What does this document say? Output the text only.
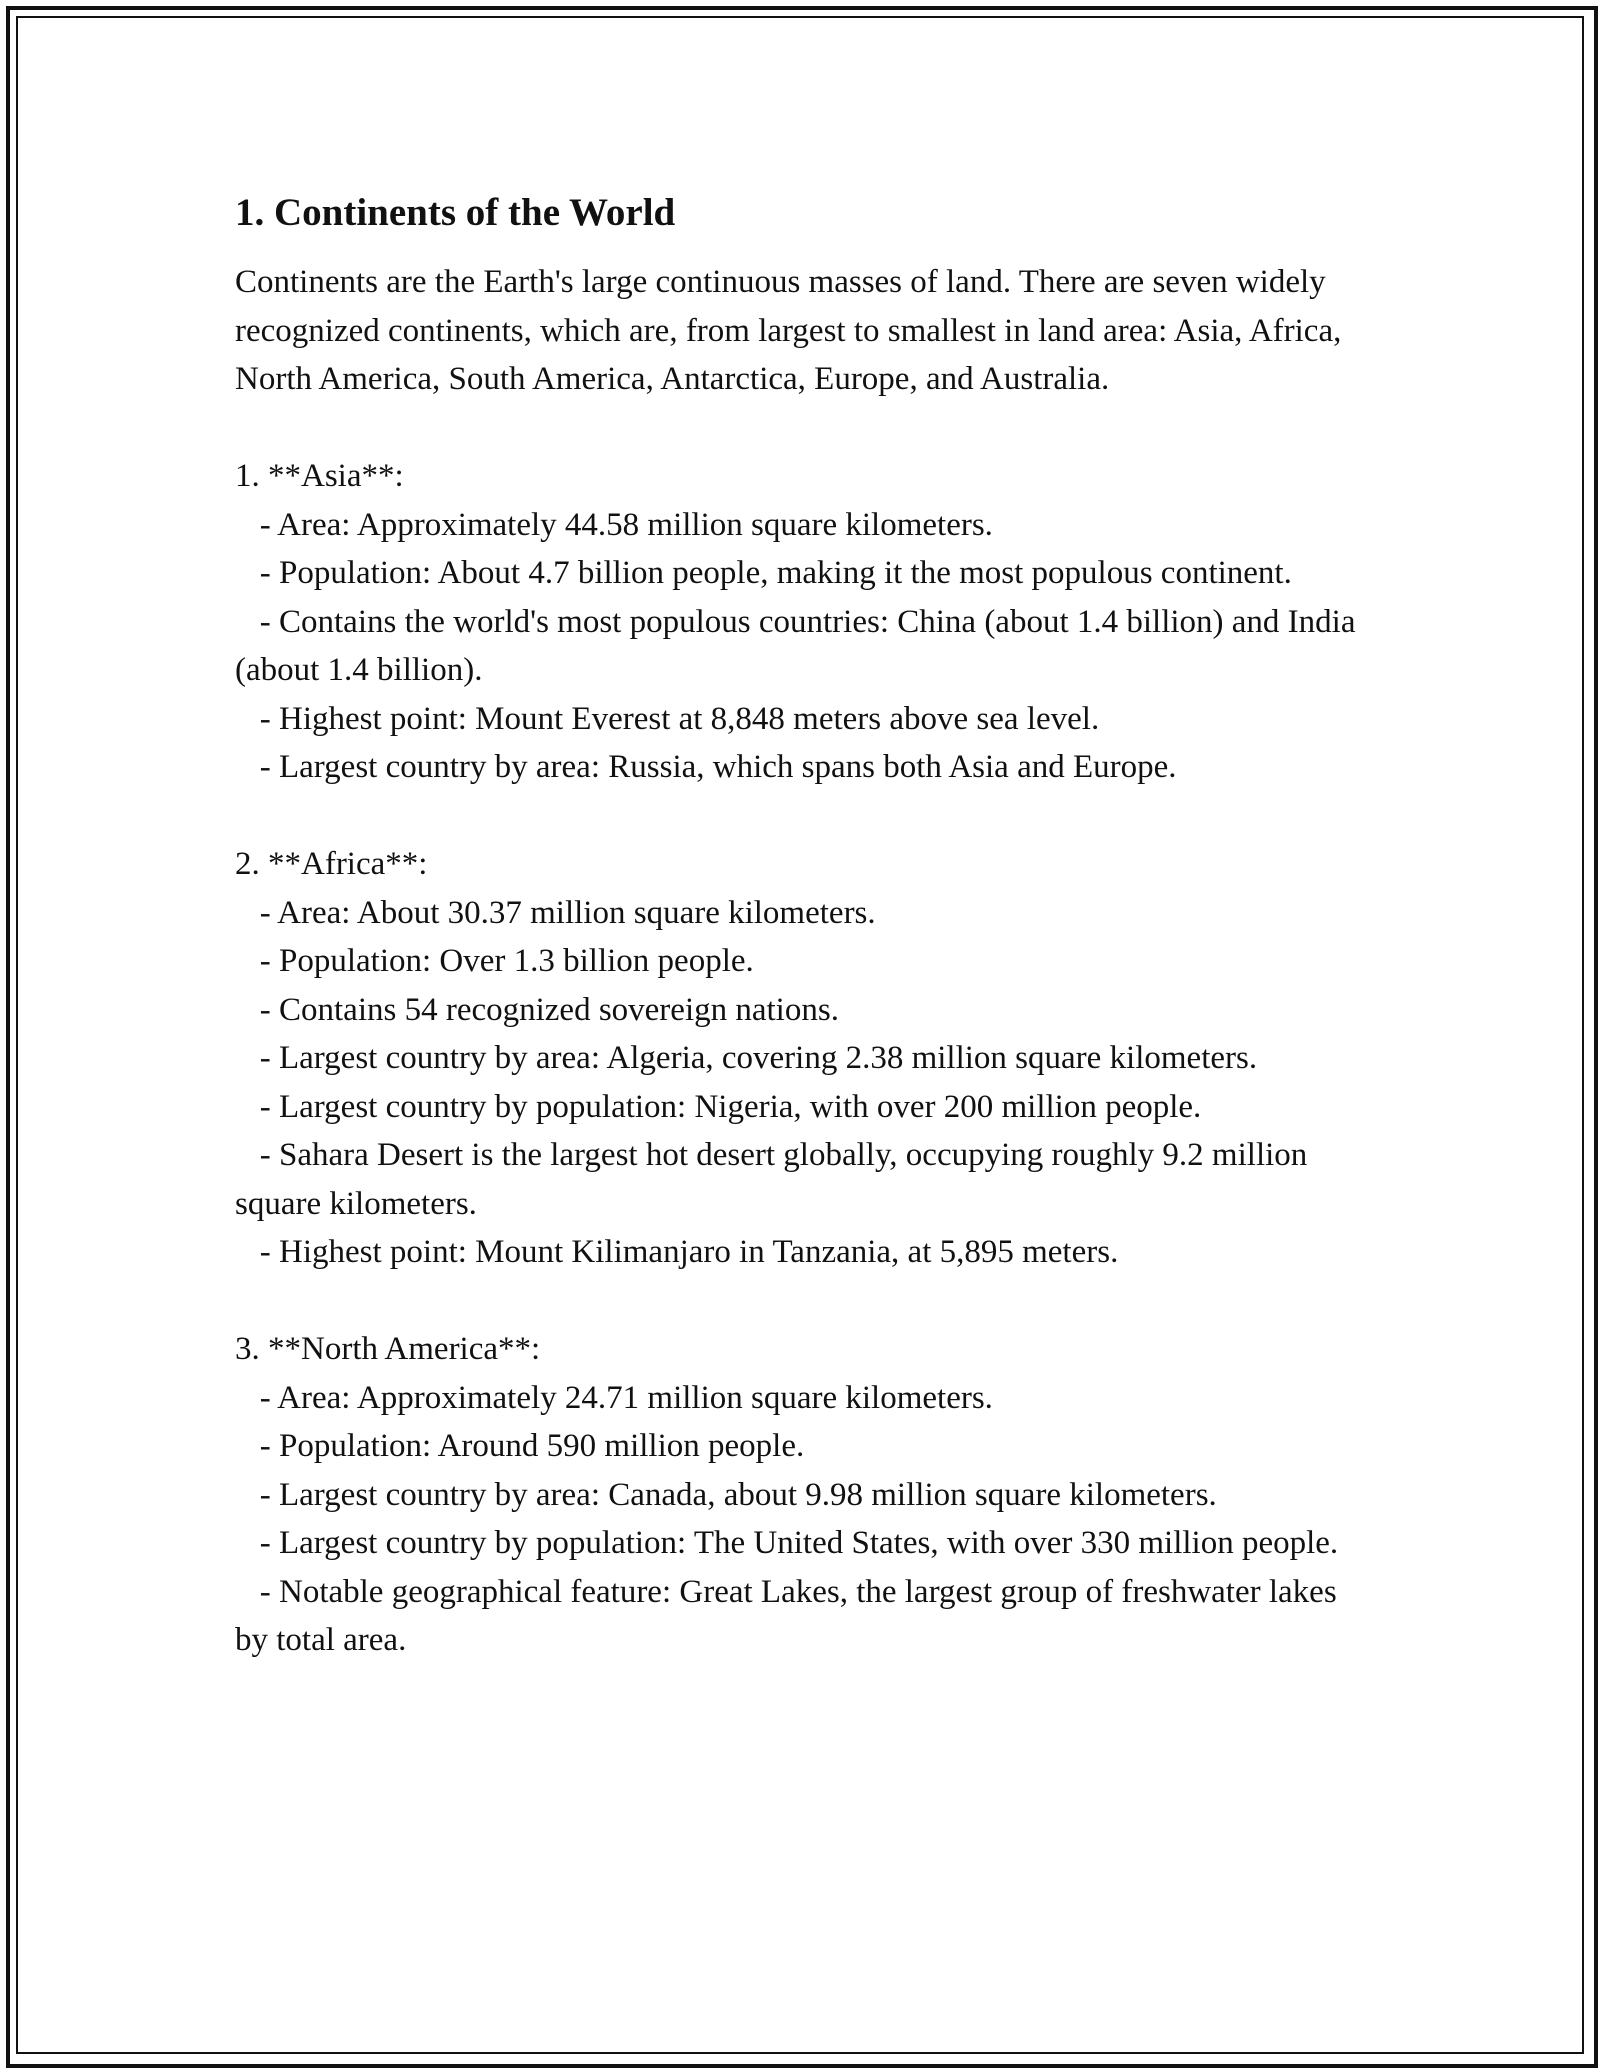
1. Continents of the World
Continents are the Earth's large continuous masses of land. There are seven widely recognized continents, which are, from largest to smallest in land area: Asia, Africa, North America, South America, Antarctica, Europe, and Australia.

1. **Asia**:
- Area: Approximately 44.58 million square kilometers.
- Population: About 4.7 billion people, making it the most populous continent.
- Contains the world's most populous countries: China (about 1.4 billion) and India (about 1.4 billion).
- Highest point: Mount Everest at 8,848 meters above sea level.
- Largest country by area: Russia, which spans both Asia and Europe.

2. **Africa**:
- Area: About 30.37 million square kilometers.
- Population: Over 1.3 billion people.
- Contains 54 recognized sovereign nations.
- Largest country by area: Algeria, covering 2.38 million square kilometers.
- Largest country by population: Nigeria, with over 200 million people.
- Sahara Desert is the largest hot desert globally, occupying roughly 9.2 million square kilometers.
- Highest point: Mount Kilimanjaro in Tanzania, at 5,895 meters.

3. **North America**:
- Area: Approximately 24.71 million square kilometers.
- Population: Around 590 million people.
- Largest country by area: Canada, about 9.98 million square kilometers.
- Largest country by population: The United States, with over 330 million people.
- Notable geographical feature: Great Lakes, the largest group of freshwater lakes by total area.
